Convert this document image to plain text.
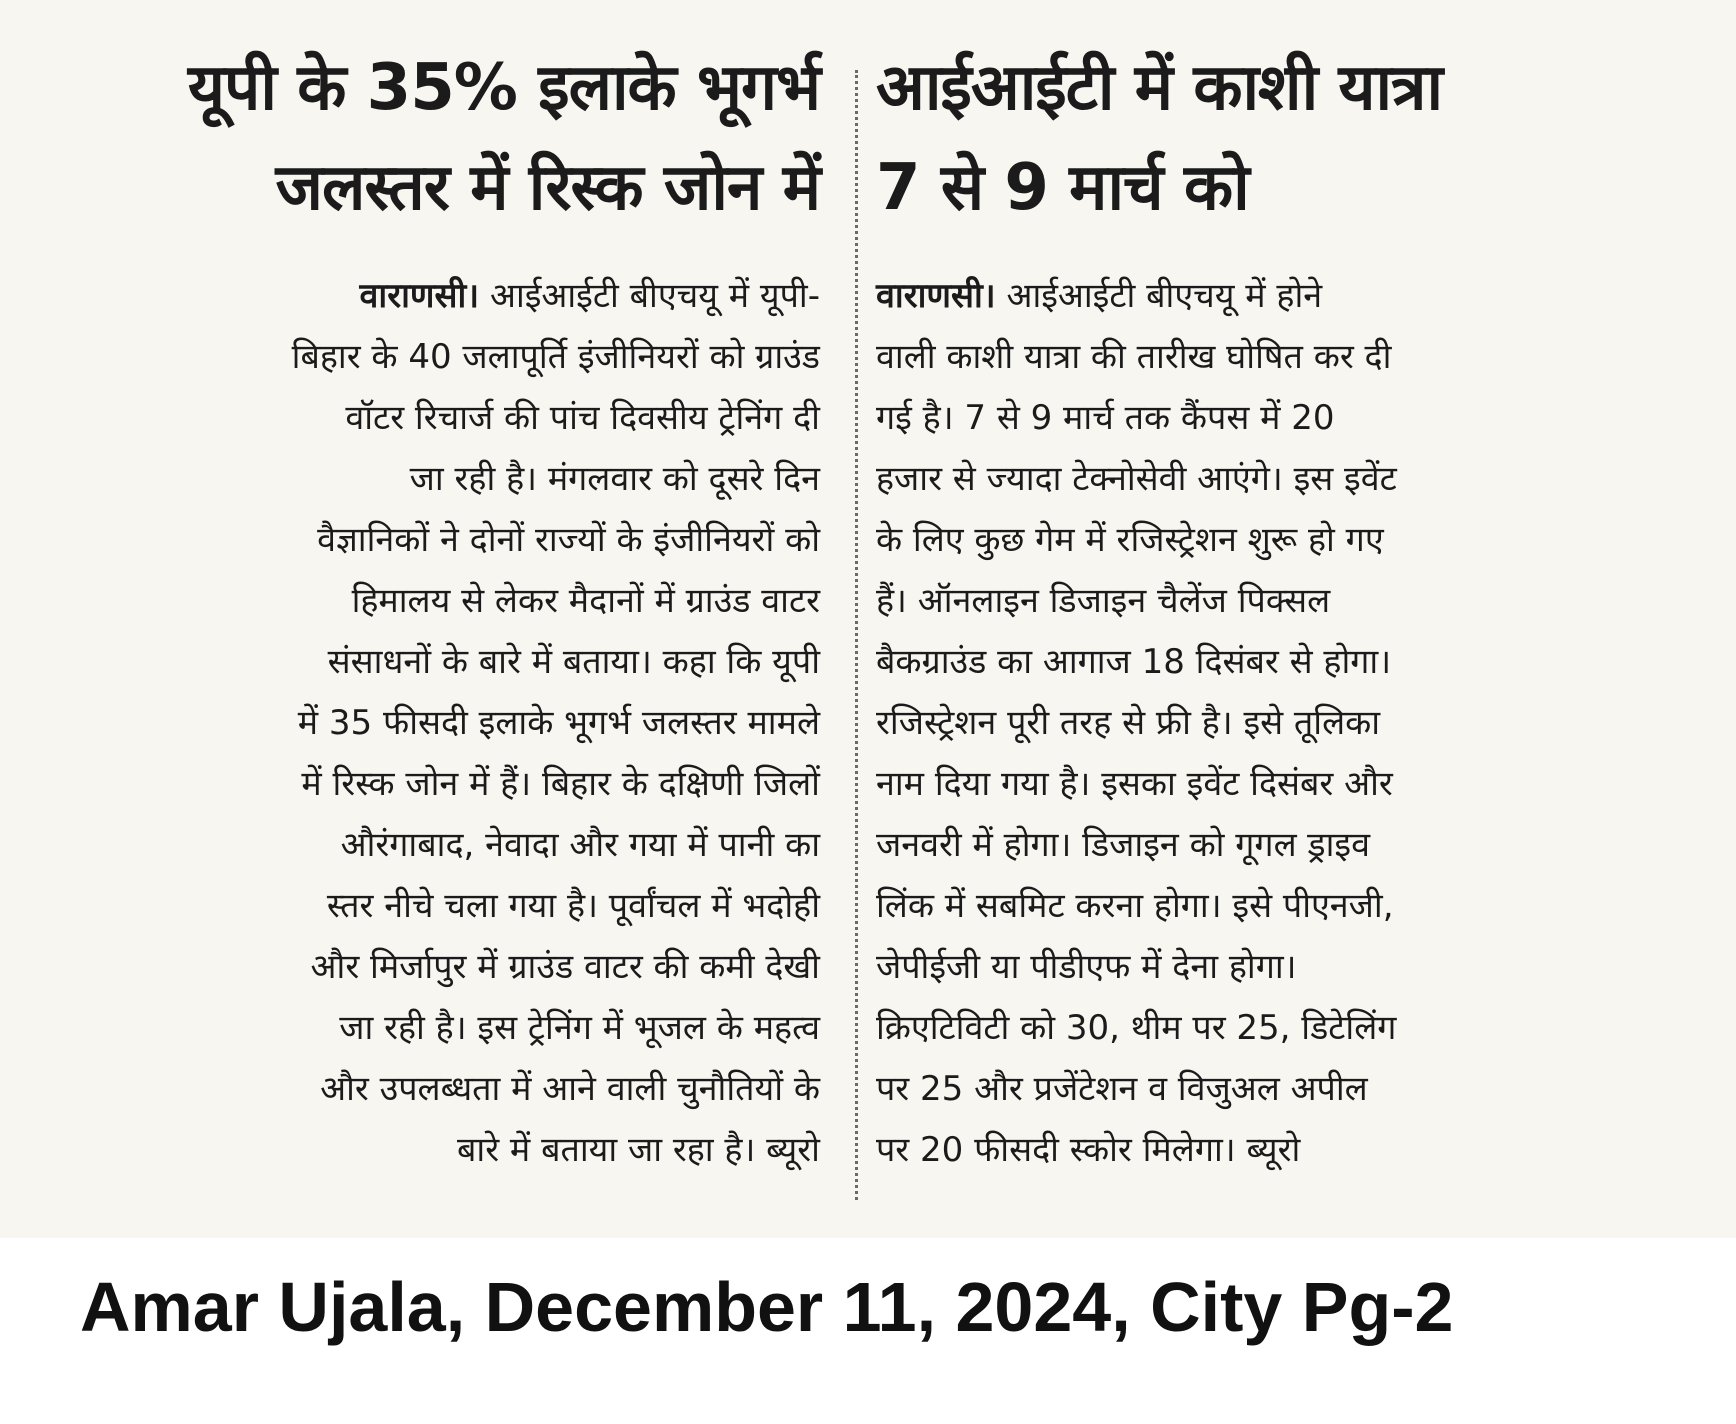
यूपी के 35% इलाके भूगर्भ
जलस्तर में रिस्क जोन में
वाराणसी। आईआईटी बीएचयू में यूपी-
बिहार के 40 जलापूर्ति इंजीनियरों को ग्राउंड
वॉटर रिचार्ज की पांच दिवसीय ट्रेनिंग दी
जा रही है। मंगलवार को दूसरे दिन
वैज्ञानिकों ने दोनों राज्यों के इंजीनियरों को
हिमालय से लेकर मैदानों में ग्राउंड वाटर
संसाधनों के बारे में बताया। कहा कि यूपी
में 35 फीसदी इलाके भूगर्भ जलस्तर मामले
में रिस्क जोन में हैं। बिहार के दक्षिणी जिलों
औरंगाबाद, नेवादा और गया में पानी का
स्तर नीचे चला गया है। पूर्वांचल में भदोही
और मिर्जापुर में ग्राउंड वाटर की कमी देखी
जा रही है। इस ट्रेनिंग में भूजल के महत्व
और उपलब्धता में आने वाली चुनौतियों के
बारे में बताया जा रहा है। ब्यूरो
आईआईटी में काशी यात्रा
7 से 9 मार्च को
वाराणसी। आईआईटी बीएचयू में होने
वाली काशी यात्रा की तारीख घोषित कर दी
गई है। 7 से 9 मार्च तक कैंपस में 20
हजार से ज्यादा टेक्नोसेवी आएंगे। इस इवेंट
के लिए कुछ गेम में रजिस्ट्रेशन शुरू हो गए
हैं। ऑनलाइन डिजाइन चैलेंज पिक्सल
बैकग्राउंड का आगाज 18 दिसंबर से होगा।
रजिस्ट्रेशन पूरी तरह से फ्री है। इसे तूलिका
नाम दिया गया है। इसका इवेंट दिसंबर और
जनवरी में होगा। डिजाइन को गूगल ड्राइव
लिंक में सबमिट करना होगा। इसे पीएनजी,
जेपीईजी या पीडीएफ में देना होगा।
क्रिएटिविटी को 30, थीम पर 25, डिटेलिंग
पर 25 और प्रजेंटेशन व विजुअल अपील
पर 20 फीसदी स्कोर मिलेगा। ब्यूरो

Amar Ujala, December 11, 2024, City Pg-2
